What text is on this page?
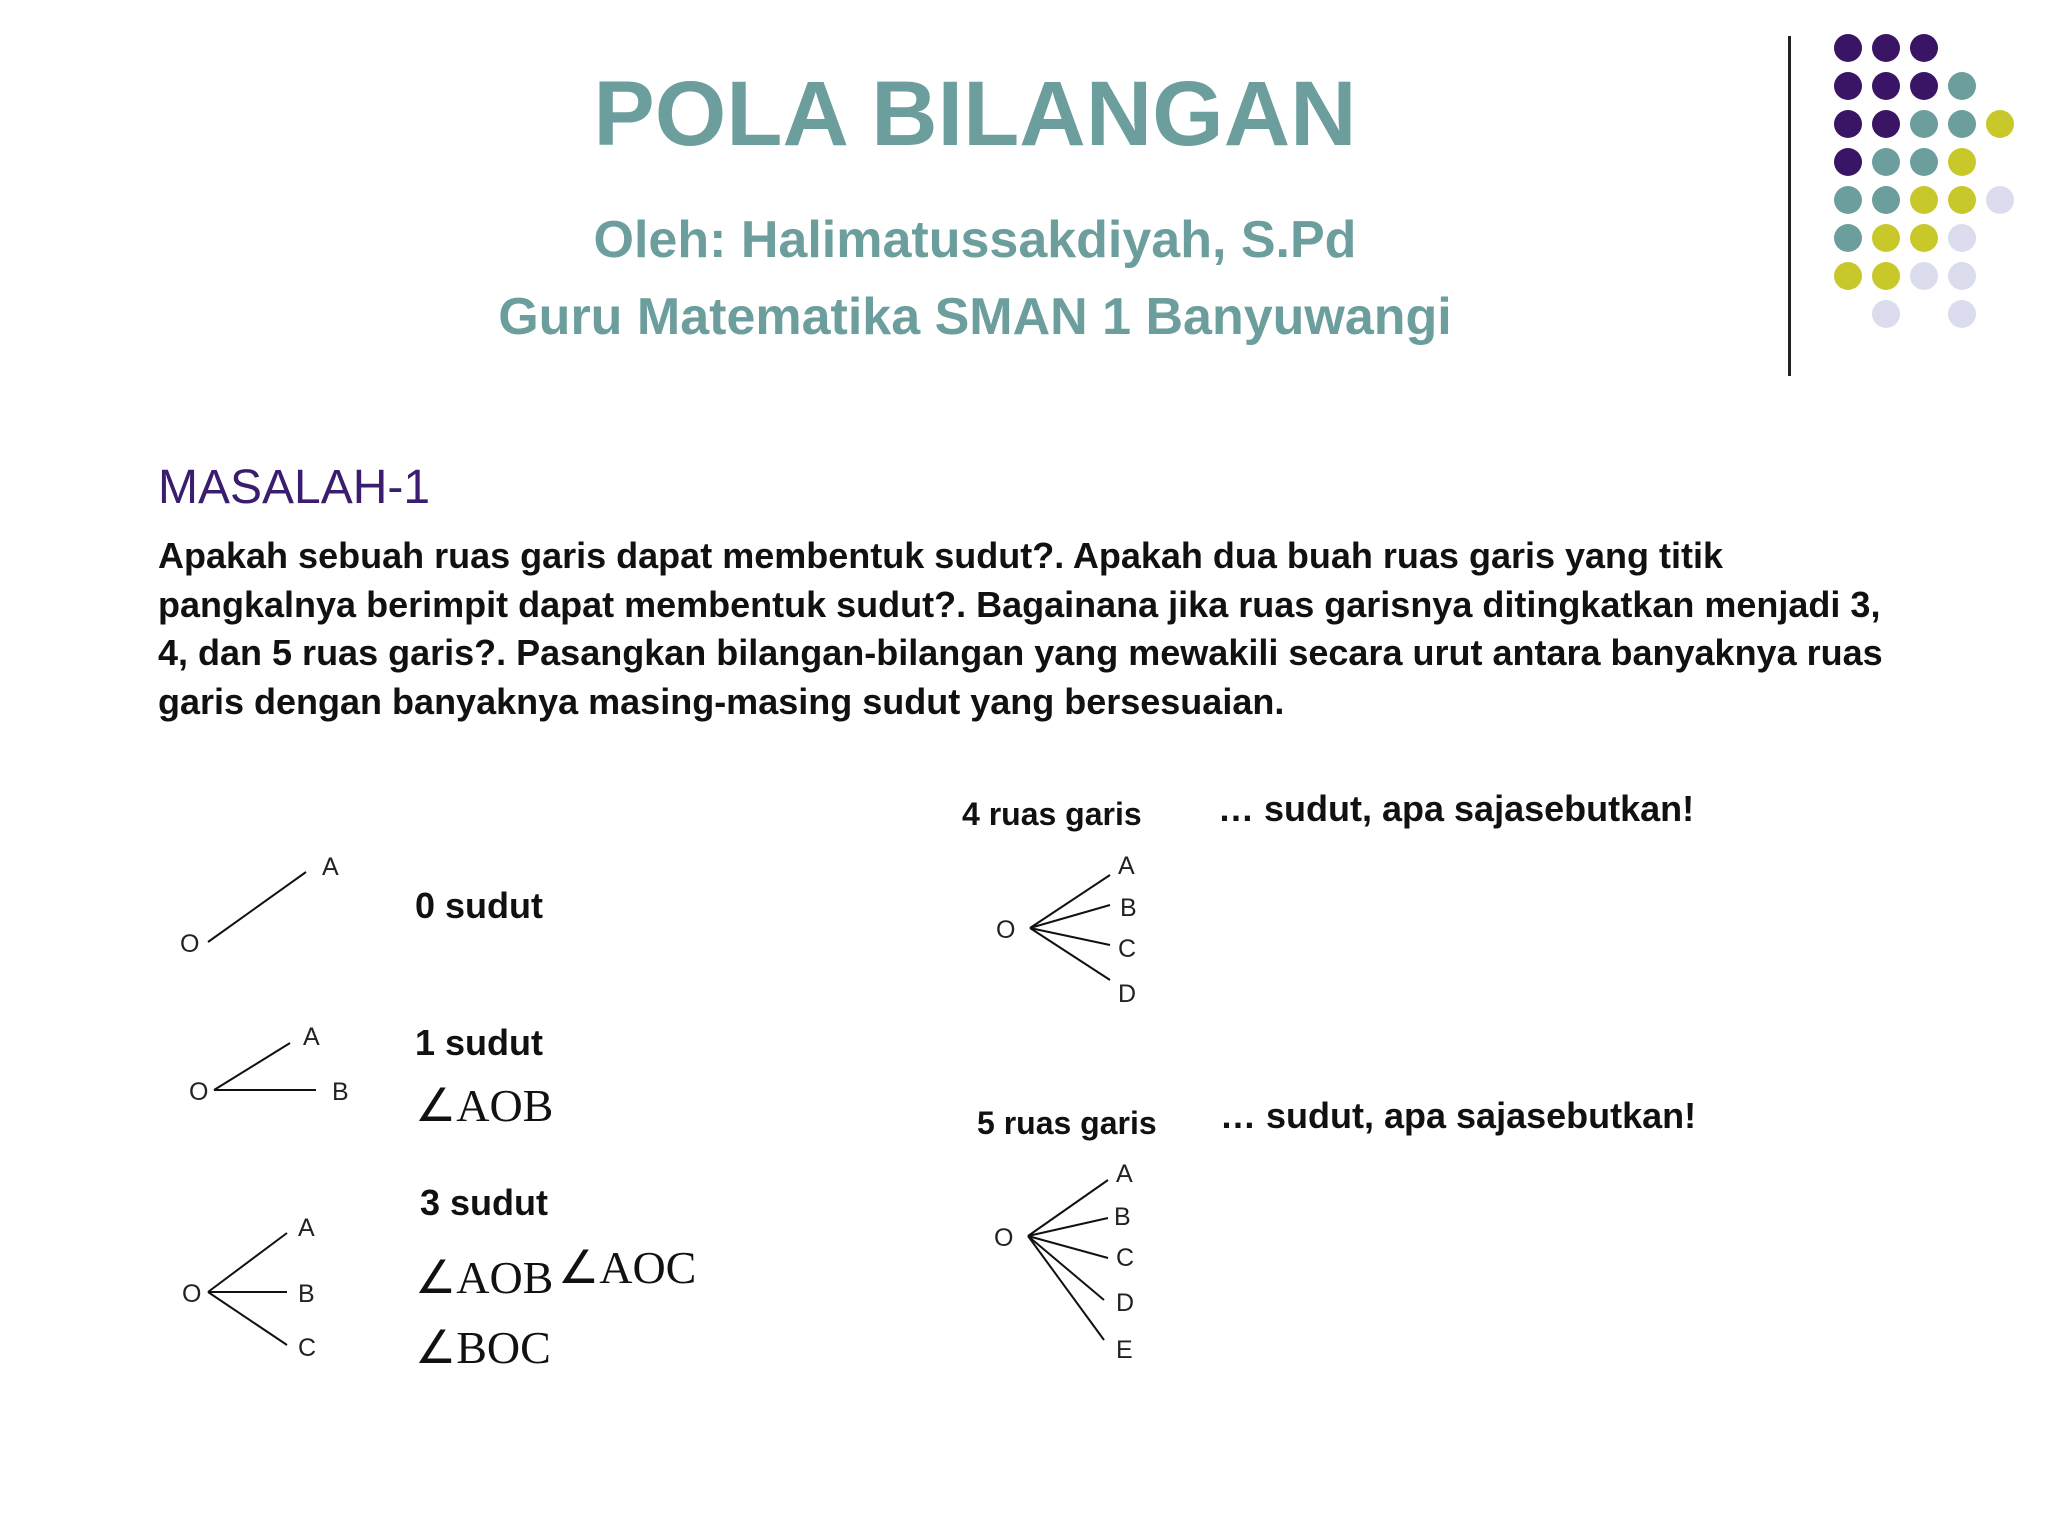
POLA BILANGAN
Oleh: Halimatussakdiyah, S.Pd
Guru Matematika SMAN 1 Banyuwangi
MASALAH-1
Apakah sebuah ruas garis dapat membentuk sudut?. Apakah dua buah ruas garis yang titik pangkalnya berimpit dapat membentuk sudut?. Bagainana jika ruas garisnya ditingkatkan menjadi 3, 4, dan 5 ruas garis?. Pasangkan bilangan-bilangan yang mewakili secara urut antara banyaknya ruas garis dengan banyaknya masing-masing sudut yang bersesuaian.
0 sudut
1 sudut
∠AOB
3 sudut
∠AOB ∠AOC
∠BOC
4 ruas garis … sudut, apa sajasebutkan!
5 ruas garis … sudut, apa sajasebutkan!
O
A
O
A
B
O
A
B
C
O
A
B
C
D
O
A
B
C
D
E
